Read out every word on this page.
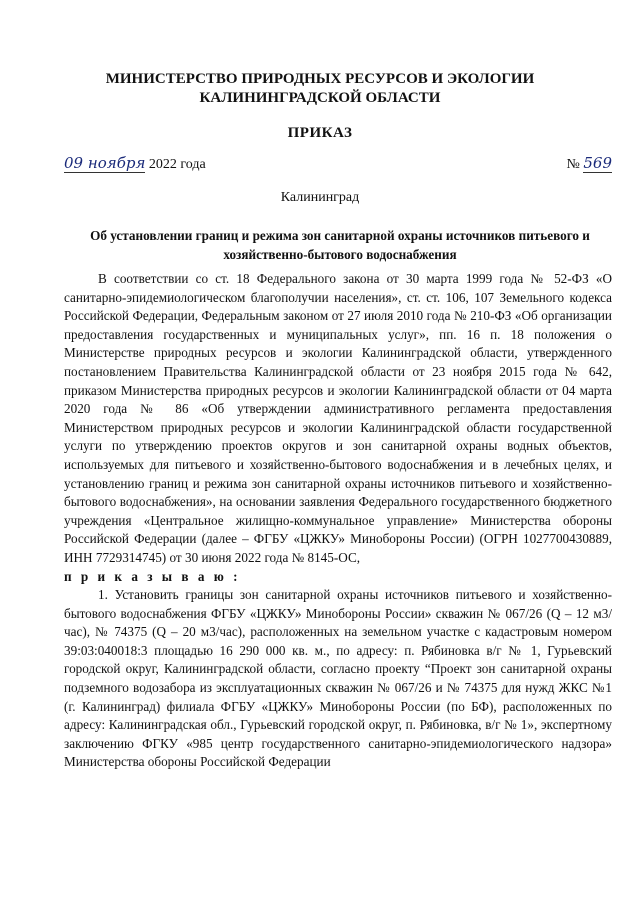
МИНИСТЕРСТВО ПРИРОДНЫХ РЕСУРСОВ И ЭКОЛОГИИ КАЛИНИНГРАДСКОЙ ОБЛАСТИ
ПРИКАЗ
09 ноября 2022 года	№ 569
Калининград
Об установлении границ и режима зон санитарной охраны источников питьевого и хозяйственно-бытового водоснабжения

В соответствии со ст. 18 Федерального закона от 30 марта 1999 года № 52-ФЗ «О санитарно-эпидемиологическом благополучии населения», ст. ст. 106, 107 Земельного кодекса Российской Федерации, Федеральным законом от 27 июля 2010 года № 210-ФЗ «Об организации предоставления государственных и муниципальных услуг», пп. 16 п. 18 положения о Министерстве природных ресурсов и экологии Калининградской области, утвержденного постановлением Правительства Калининградской области от 23 ноября 2015 года № 642, приказом Министерства природных ресурсов и экологии Калининградской области от 04 марта 2020 года № 86 «Об утверждении административного регламента предоставления Министерством природных ресурсов и экологии Калининградской области государственной услуги по утверждению проектов округов и зон санитарной охраны водных объектов, используемых для питьевого и хозяйственно-бытового водоснабжения и в лечебных целях, и установлению границ и режима зон санитарной охраны источников питьевого и хозяйственно-бытового водоснабжения», на основании заявления Федерального государственного бюджетного учреждения «Центральное жилищно-коммунальное управление» Министерства обороны Российской Федерации (далее – ФГБУ «ЦЖКУ» Минобороны России) (ОГРН 1027700430889, ИНН 7729314745) от 30 июня 2022 года № 8145-ОС,

п р и к а з ы в а ю :

1. Установить границы зон санитарной охраны источников питьевого и хозяйственно-бытового водоснабжения ФГБУ «ЦЖКУ» Минобороны России» скважин № 067/26 (Q – 12 м3/час), № 74375 (Q – 20 м3/час), расположенных на земельном участке с кадастровым номером 39:03:040018:3 площадью 16 290 000 кв. м., по адресу: п. Рябиновка в/г № 1, Гурьевский городской округ, Калининградской области, согласно проекту “Проект зон санитарной охраны подземного водозабора из эксплуатационных скважин № 067/26 и № 74375 для нужд ЖКС №1 (г. Калининград) филиала ФГБУ «ЦЖКУ» Минобороны России (по БФ), расположенных по адресу: Калининградская обл., Гурьевский городской округ, п. Рябиновка, в/г № 1», экспертному заключению ФГКУ «985 центр государственного санитарно-эпидемиологического надзора» Министерства обороны Российской Федерации
